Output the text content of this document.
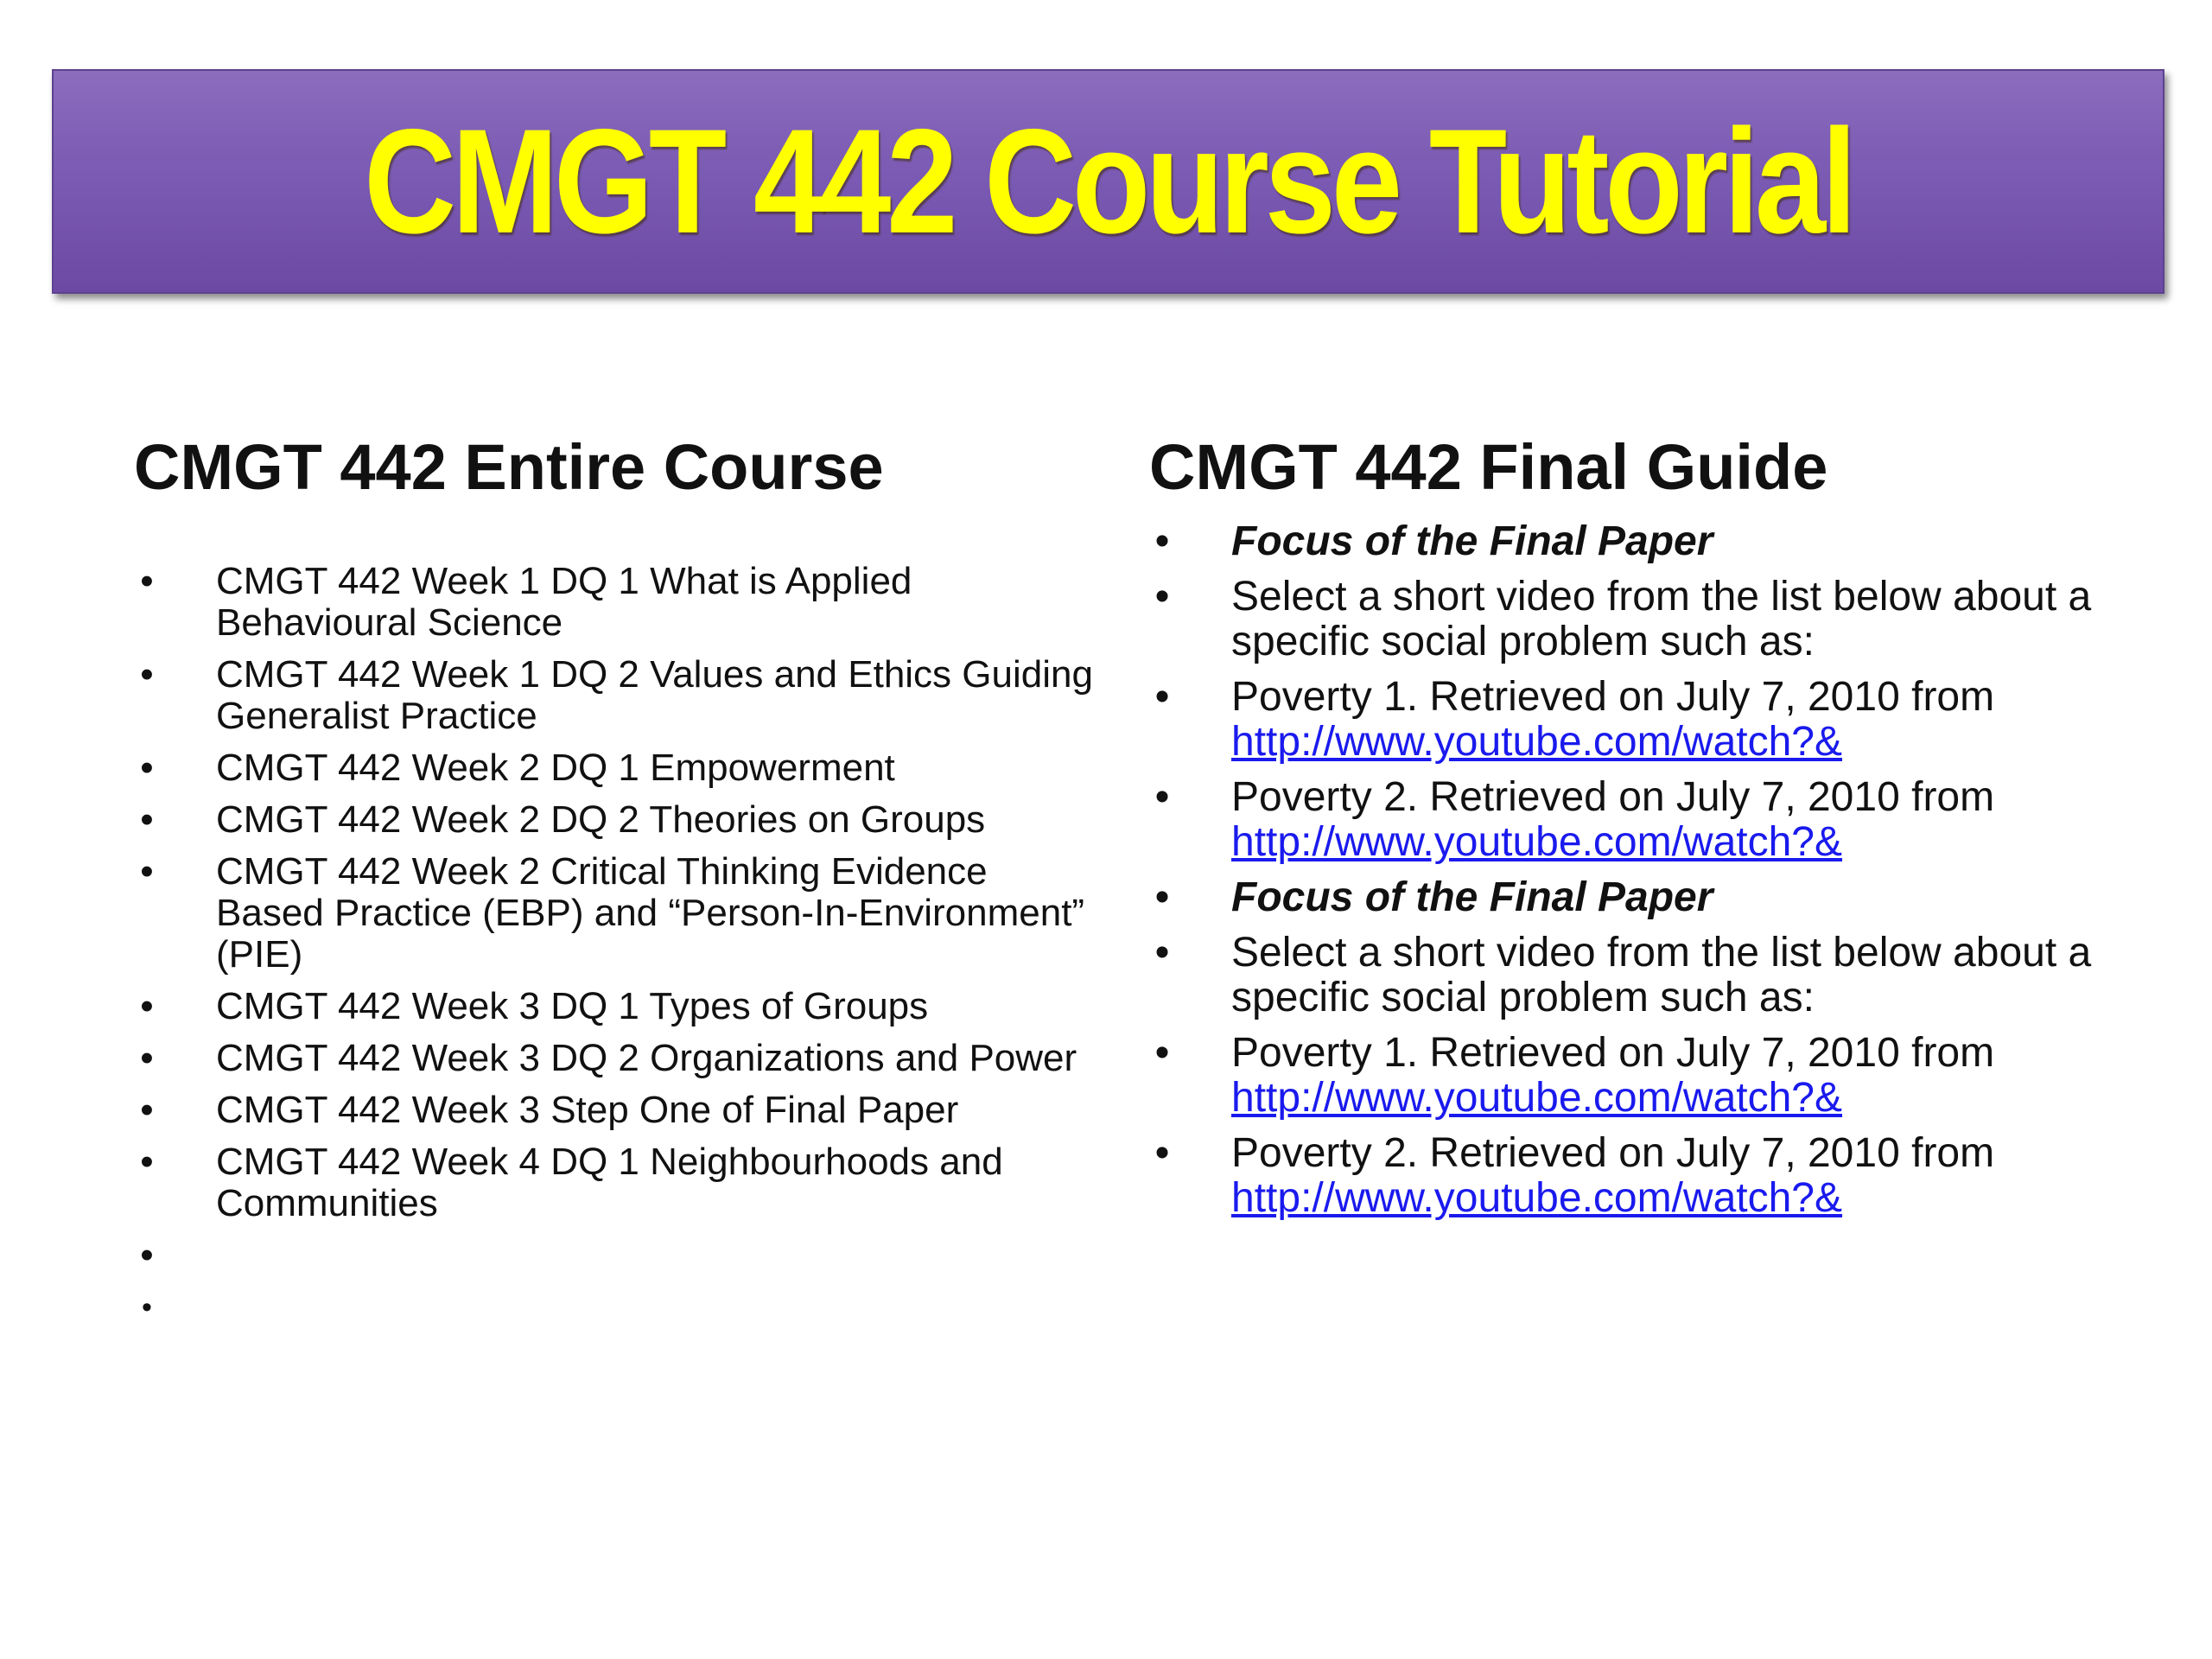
CMGT 442 Course Tutorial
CMGT 442 Entire Course
• CMGT 442 Week 1 DQ 1 What is Applied Behavioural Science
• CMGT 442 Week 1 DQ 2 Values and Ethics Guiding Generalist Practice
• CMGT 442 Week 2 DQ 1 Empowerment
• CMGT 442 Week 2 DQ 2 Theories on Groups
• CMGT 442 Week 2 Critical Thinking Evidence Based Practice (EBP) and “Person-In-Environment” (PIE)
• CMGT 442 Week 3 DQ 1 Types of Groups
• CMGT 442 Week 3 DQ 2 Organizations and Power
• CMGT 442 Week 3 Step One of Final Paper
• CMGT 442 Week 4 DQ 1 Neighbourhoods and Communities
•
•
CMGT 442 Final Guide
• Focus of the Final Paper
• Select a short video from the list below about a specific social problem such as:
• Poverty 1. Retrieved on July 7, 2010 from
http://www.youtube.com/watch?&
• Poverty 2. Retrieved on July 7, 2010 from
http://www.youtube.com/watch?&
• Focus of the Final Paper
• Select a short video from the list below about a specific social problem such as:
• Poverty 1. Retrieved on July 7, 2010 from
http://www.youtube.com/watch?&
• Poverty 2. Retrieved on July 7, 2010 from
http://www.youtube.com/watch?&
